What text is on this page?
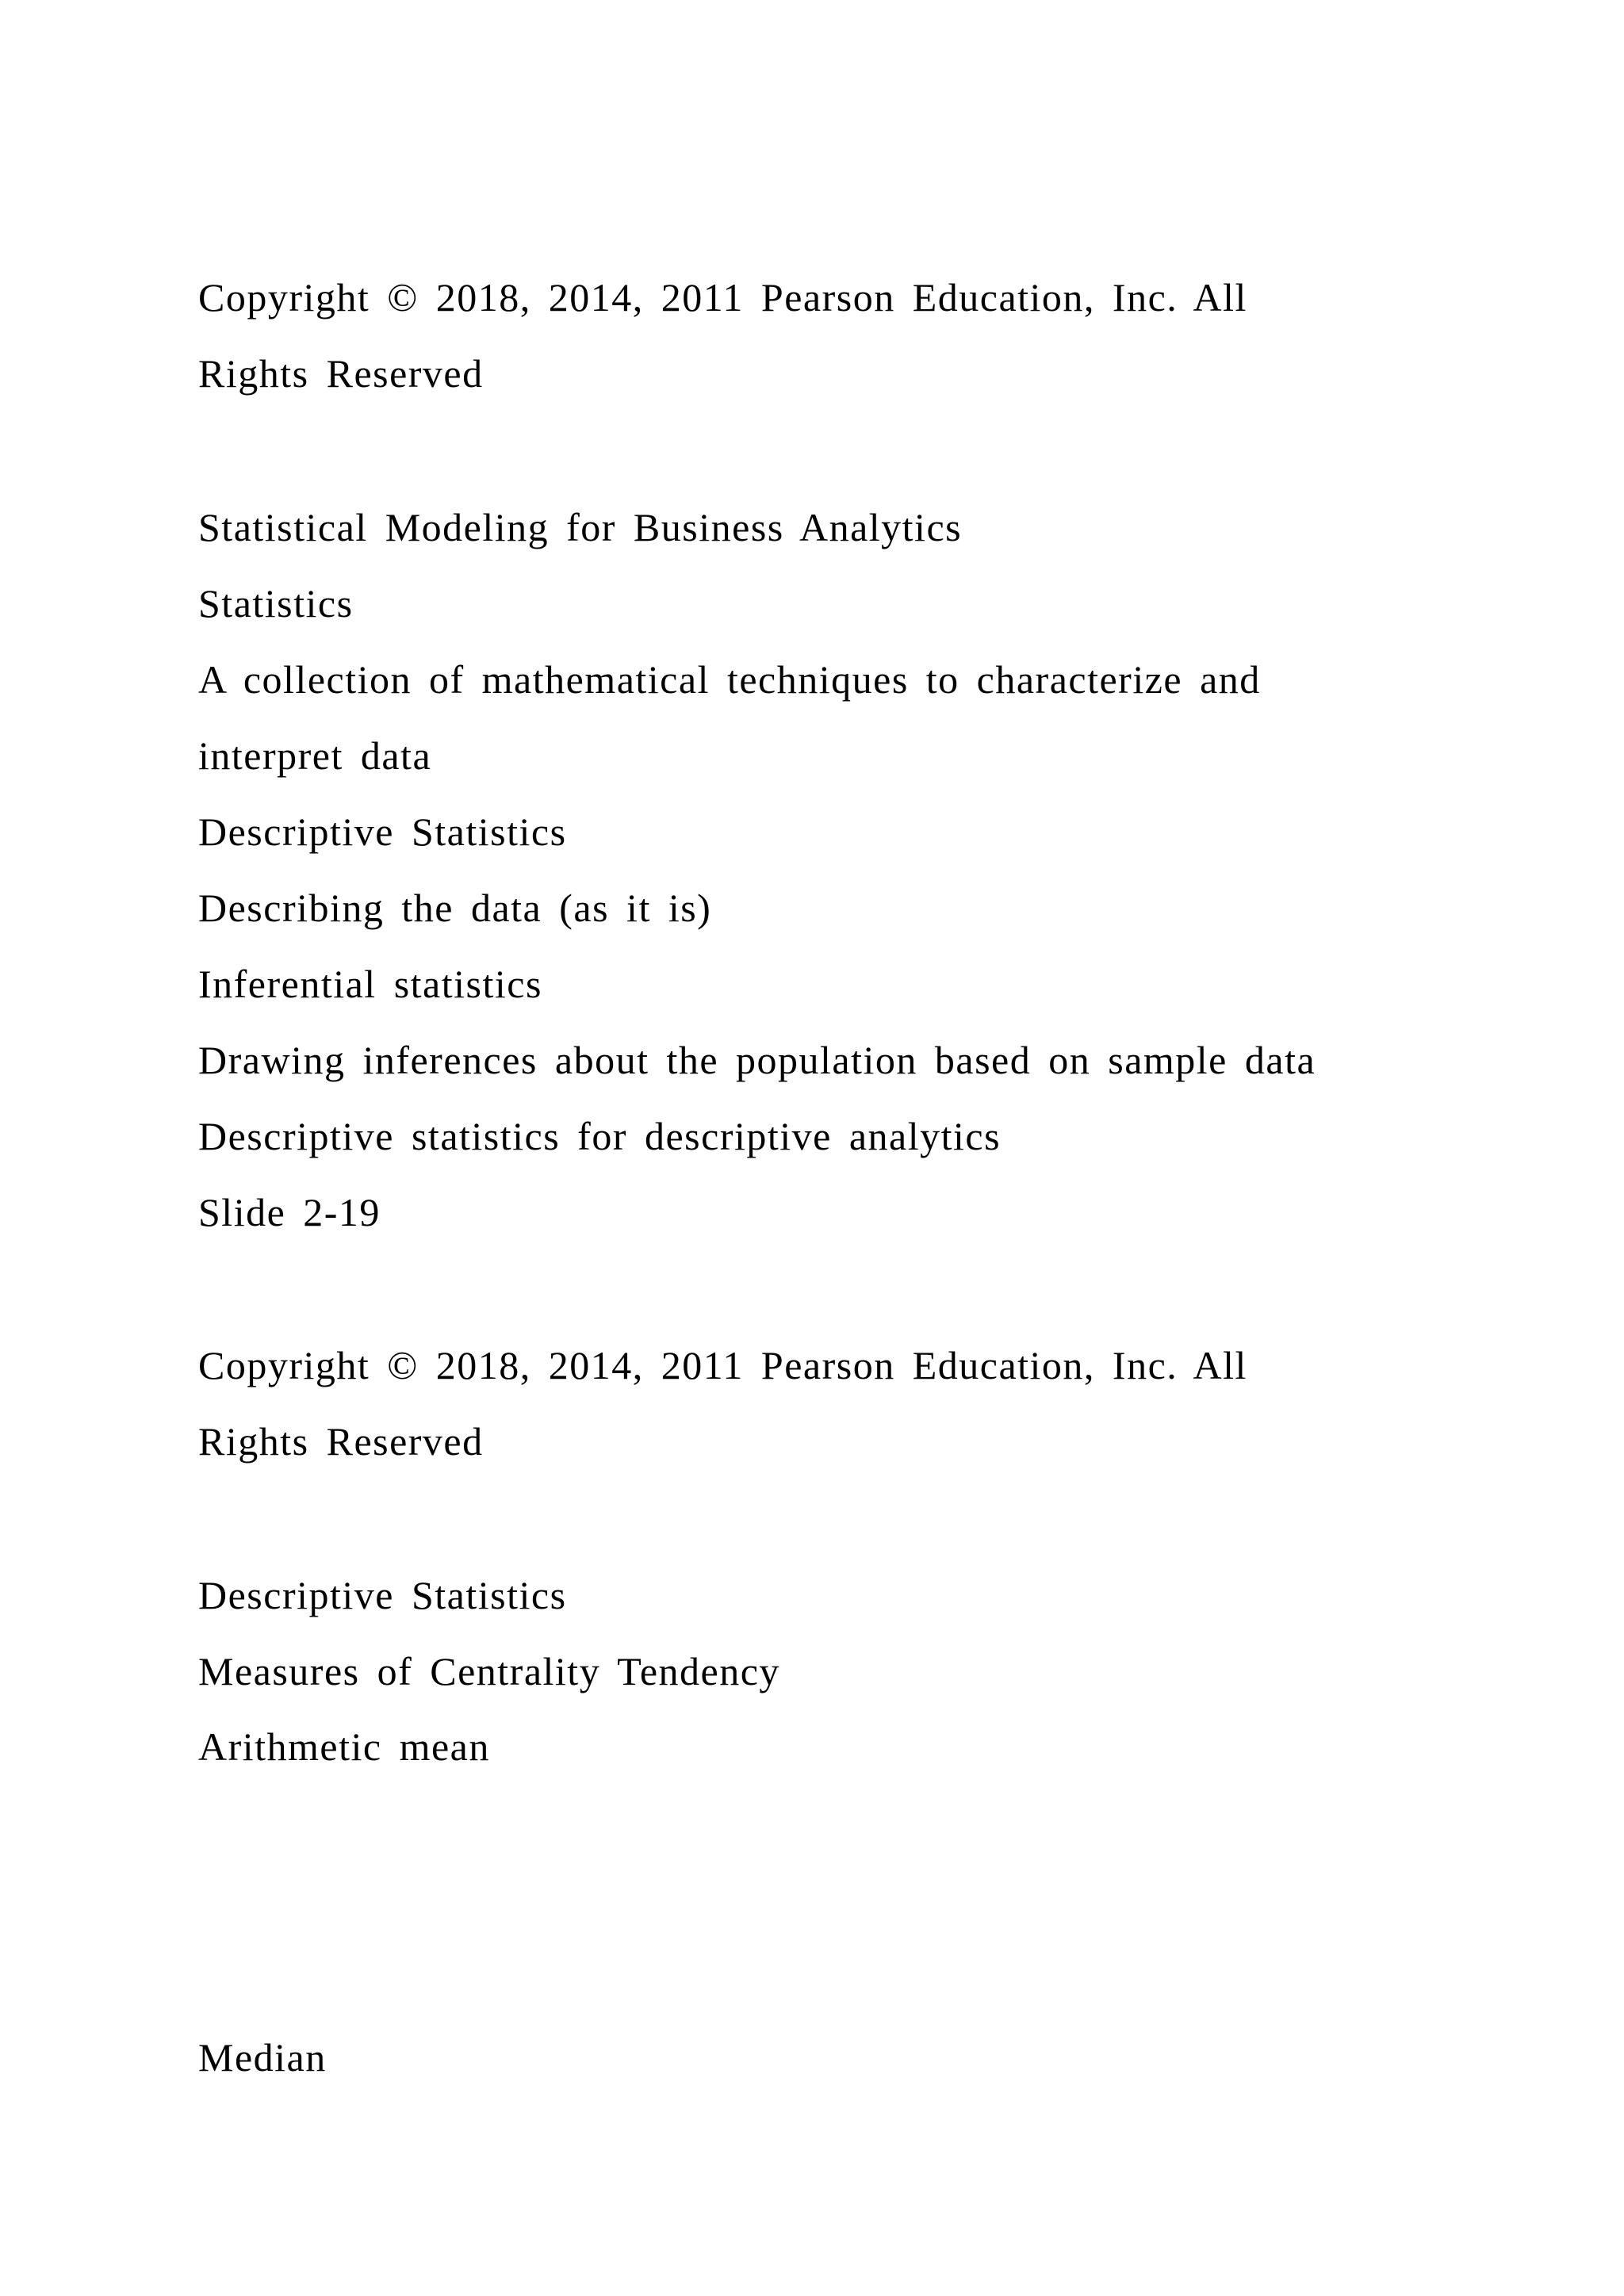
Copyright © 2018, 2014, 2011 Pearson Education, Inc. All

Rights Reserved

Statistical Modeling for Business Analytics

Statistics

A collection of mathematical techniques to characterize and

interpret data

Descriptive Statistics

Describing the data (as it is)

Inferential statistics

Drawing inferences about the population based on sample data

Descriptive statistics for descriptive analytics

Slide 2-19

Copyright © 2018, 2014, 2011 Pearson Education, Inc. All

Rights Reserved

Descriptive Statistics

Measures of Centrality Tendency

Arithmetic mean

Median
